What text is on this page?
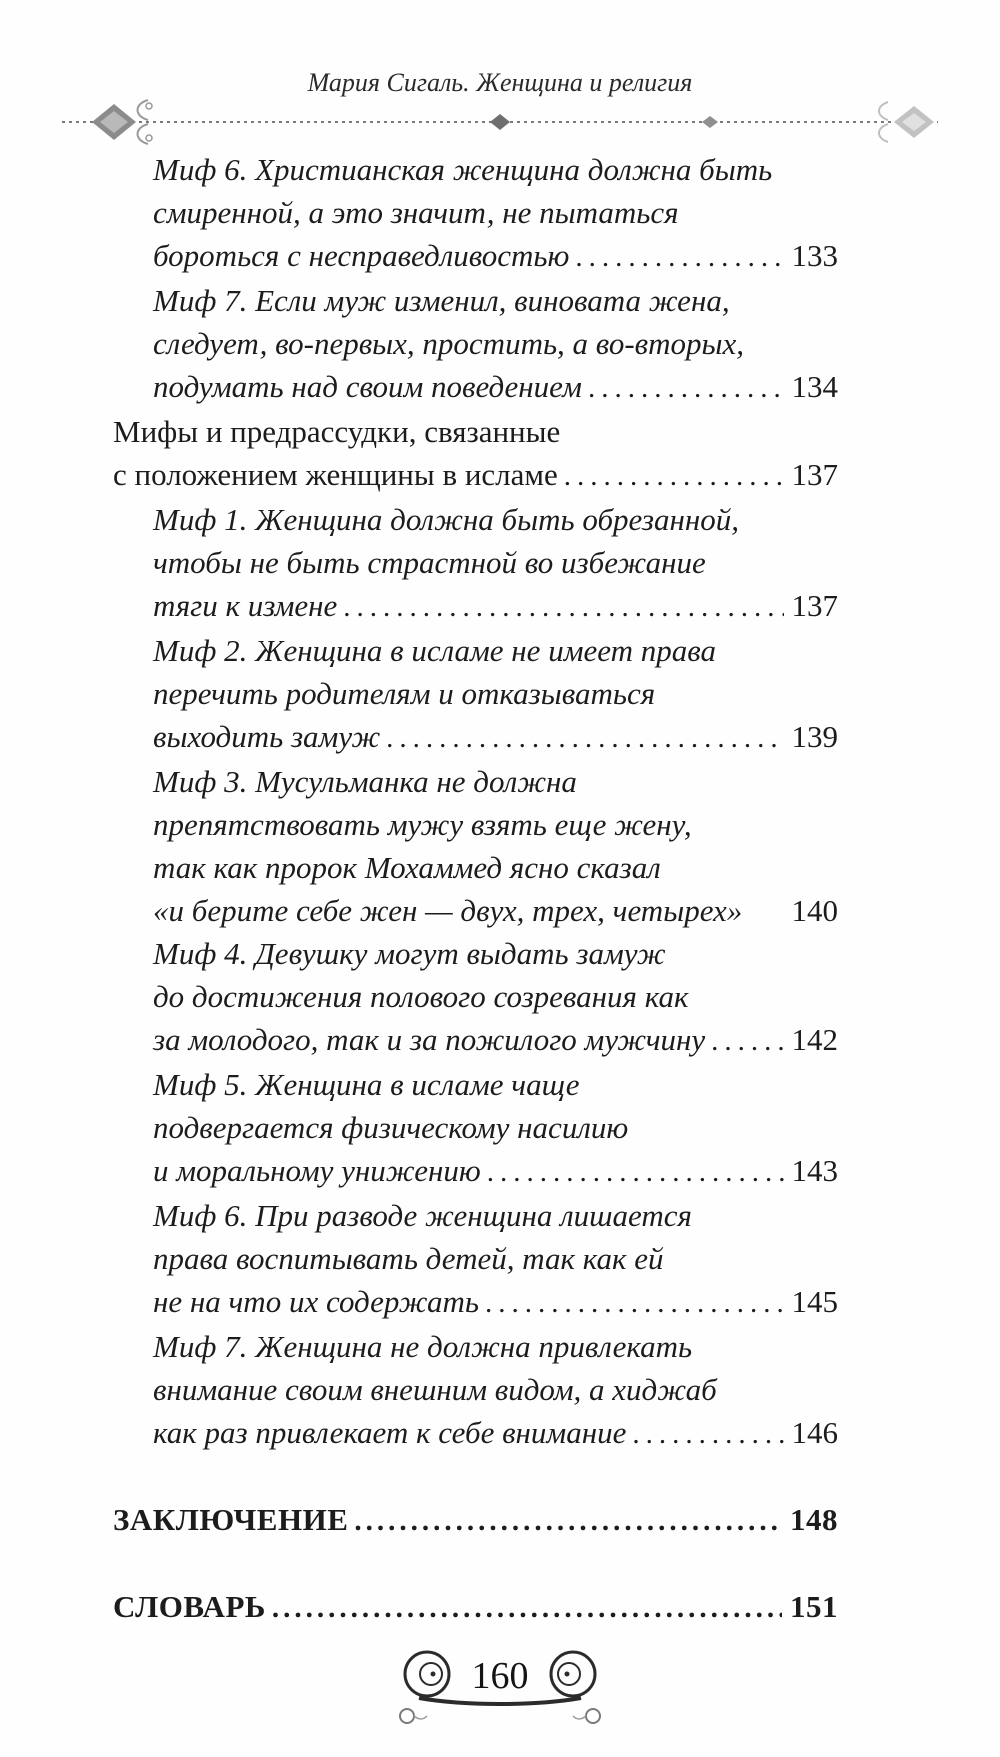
Мария Сигаль. Женщина и религия
Миф 6. Христианская женщина должна быть
смиренной, а это значит, не пытаться
бороться с несправедливостью .....	133
Миф 7. Если муж изменил, виновата жена,
следует, во-первых, простить, а во-вторых,
подумать над своим поведением .....	134
Мифы и предрассудки, связанные
с положением женщины в исламе .....	137
Миф 1. Женщина должна быть обрезанной,
чтобы не быть страстной во избежание
тяги к измене .....	137
Миф 2. Женщина в исламе не имеет права
перечить родителям и отказываться
выходить замуж .....	139
Миф 3. Мусульманка не должна
препятствовать мужу взять еще жену,
так как пророк Мохаммед ясно сказал
«и берите себе жен — двух, трех, четырех» 140
Миф 4. Девушку могут выдать замуж
до достижения полового созревания как
за молодого, так и за пожилого мужчину .....	142
Миф 5. Женщина в исламе чаще
подвергается физическому насилию
и моральному унижению .....	143
Миф 6. При разводе женщина лишается
права воспитывать детей, так как ей
не на что их содержать .....	145
Миф 7. Женщина не должна привлекать
внимание своим внешним видом, а хиджаб
как раз привлекает к себе внимание .....	146
ЗАКЛЮЧЕНИЕ .....	148
СЛОВАРЬ .....	151
160
